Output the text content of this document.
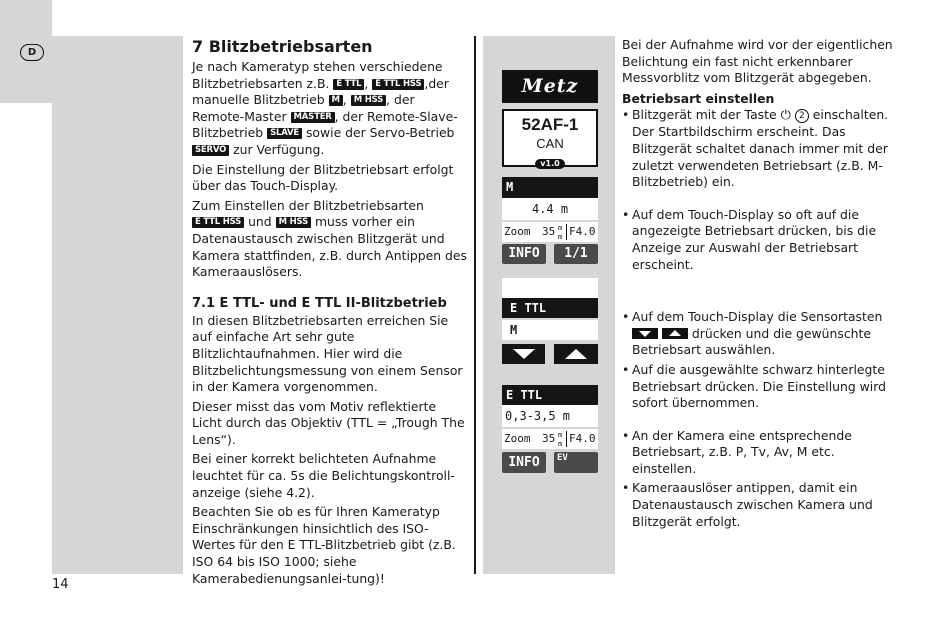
D
14
7 Blitzbetriebsarten

Je nach Kameratyp stehen verschiedene Blitzbetriebsarten z.B. E TTL , E TTL HSS ,der manuelle Blitzbetrieb M , M HSS , der Remote-Master MASTER , der Remote-Slave-Blitzbetrieb SLAVE sowie der Servo-Betrieb SERVO zur Verfügung.

Die Einstellung der Blitzbetriebsart erfolgt über das Touch-Display.

Zum Einstellen der Blitzbetriebsarten E TTL HSS und M HSS muss vorher ein Datenaustausch zwischen Blitzgerät und Kamera stattfinden, z.B. durch Antippen des Kameraauslösers.

7.1 E TTL- und E TTL II-Blitzbetrieb

In diesen Blitzbetriebsarten erreichen Sie auf einfache Art sehr gute Blitzlichtaufnahmen. Hier wird die Blitzbelichtungsmessung von einem Sensor in der Kamera vorgenommen.

Dieser misst das vom Motiv reflektierte Licht durch das Objektiv (TTL = „Trough The Lens“).

Bei einer korrekt belichteten Aufnahme leuchtet für ca. 5s die Belichtungskontroll-anzeige (siehe 4.2).

Beachten Sie ob es für Ihren Kameratyp Einschränkungen hinsichtlich des ISO-Wertes für den E TTL-Blitzbetrieb gibt (z.B. ISO 64 bis ISO 1000; siehe Kamerabedienungsanlei-tung)!

Metz
52AF-1
CAN
v1.0
M
4.4 m
Zoom 35 m
m F4.0
INFO	1/1
E TTL
M
E TTL
0,3-3,5 m
Zoom 35 m
m F4.0
INFO	EV

Bei der Aufnahme wird vor der eigentlichen Belichtung ein fast nicht erkennbarer Messvorblitz vom Blitzgerät abgegeben.

Betriebsart einstellen

• Blitzgerät mit der Taste ⏻ 2 einschalten. Der Startbildschirm erscheint. Das Blitzgerät schaltet danach immer mit der zuletzt verwendeten Betriebsart (z.B. M-Blitzbetrieb) ein.

• Auf dem Touch-Display so oft auf die angezeigte Betriebsart drücken, bis die Anzeige zur Auswahl der Betriebsart erscheint.

• Auf dem Touch-Display die Sensortasten

drücken und die gewünschte Betriebsart auswählen.

• Auf die ausgewählte schwarz hinterlegte Betriebsart drücken. Die Einstellung wird sofort übernommen.

• An der Kamera eine entsprechende Betriebsart, z.B. P, Tv, Av, M etc. einstellen.

• Kameraauslöser antippen, damit ein Datenaustausch zwischen Kamera und Blitzgerät erfolgt.
